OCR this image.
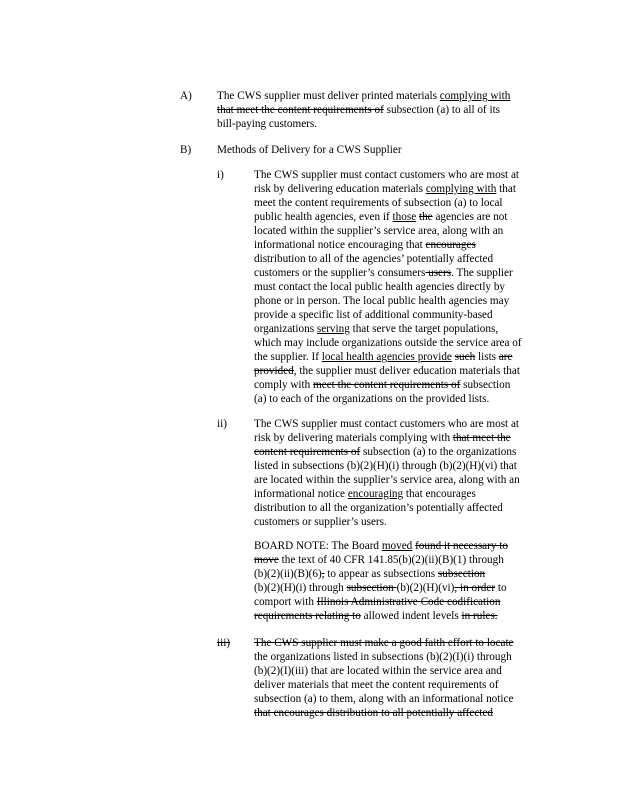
A) The CWS supplier must deliver printed materials complying with
that meet the content requirements of subsection (a) to all of its
bill-paying customers.
B) Methods of Delivery for a CWS Supplier
i)	The CWS supplier must contact customers who are most at
risk by delivering education materials complying with that
meet the content requirements of subsection (a) to local
public health agencies, even if those the agencies are not
located within the supplier’s service area, along with an
informational notice encouraging that encourages
distribution to all of the agencies’ potentially affected
customers or the supplier’s consumers users. The supplier
must contact the local public health agencies directly by
phone or in person. The local public health agencies may
provide a specific list of additional community-based
organizations serving that serve the target populations,
which may include organizations outside the service area of
the supplier. If local health agencies provide such lists are
provided, the supplier must deliver education materials that
comply with meet the content requirements of subsection
(a) to each of the organizations on the provided lists.
ii) The CWS supplier must contact customers who are most at
risk by delivering materials complying with that meet the
content requirements of subsection (a) to the organizations
listed in subsections (b)(2)(H)(i) through (b)(2)(H)(vi) that
are located within the supplier’s service area, along with an
informational notice encouraging that encourages
distribution to all the organization’s potentially affected
customers or supplier’s users.
BOARD NOTE: The Board moved found it necessary to
move the text of 40 CFR 141.85(b)(2)(ii)(B)(1) through
(b)(2)(ii)(B)(6), to appear as subsections subsection
(b)(2)(H)(i) through subsection (b)(2)(H)(vi), in order to
comport with Illinois Administrative Code codification
requirements relating to allowed indent levels in rules.
iii) The CWS supplier must make a good faith effort to locate
the organizations listed in subsections (b)(2)(I)(i) through
(b)(2)(I)(iii) that are located within the service area and
deliver materials that meet the content requirements of
subsection (a) to them, along with an informational notice
that encourages distribution to all potentially affected
